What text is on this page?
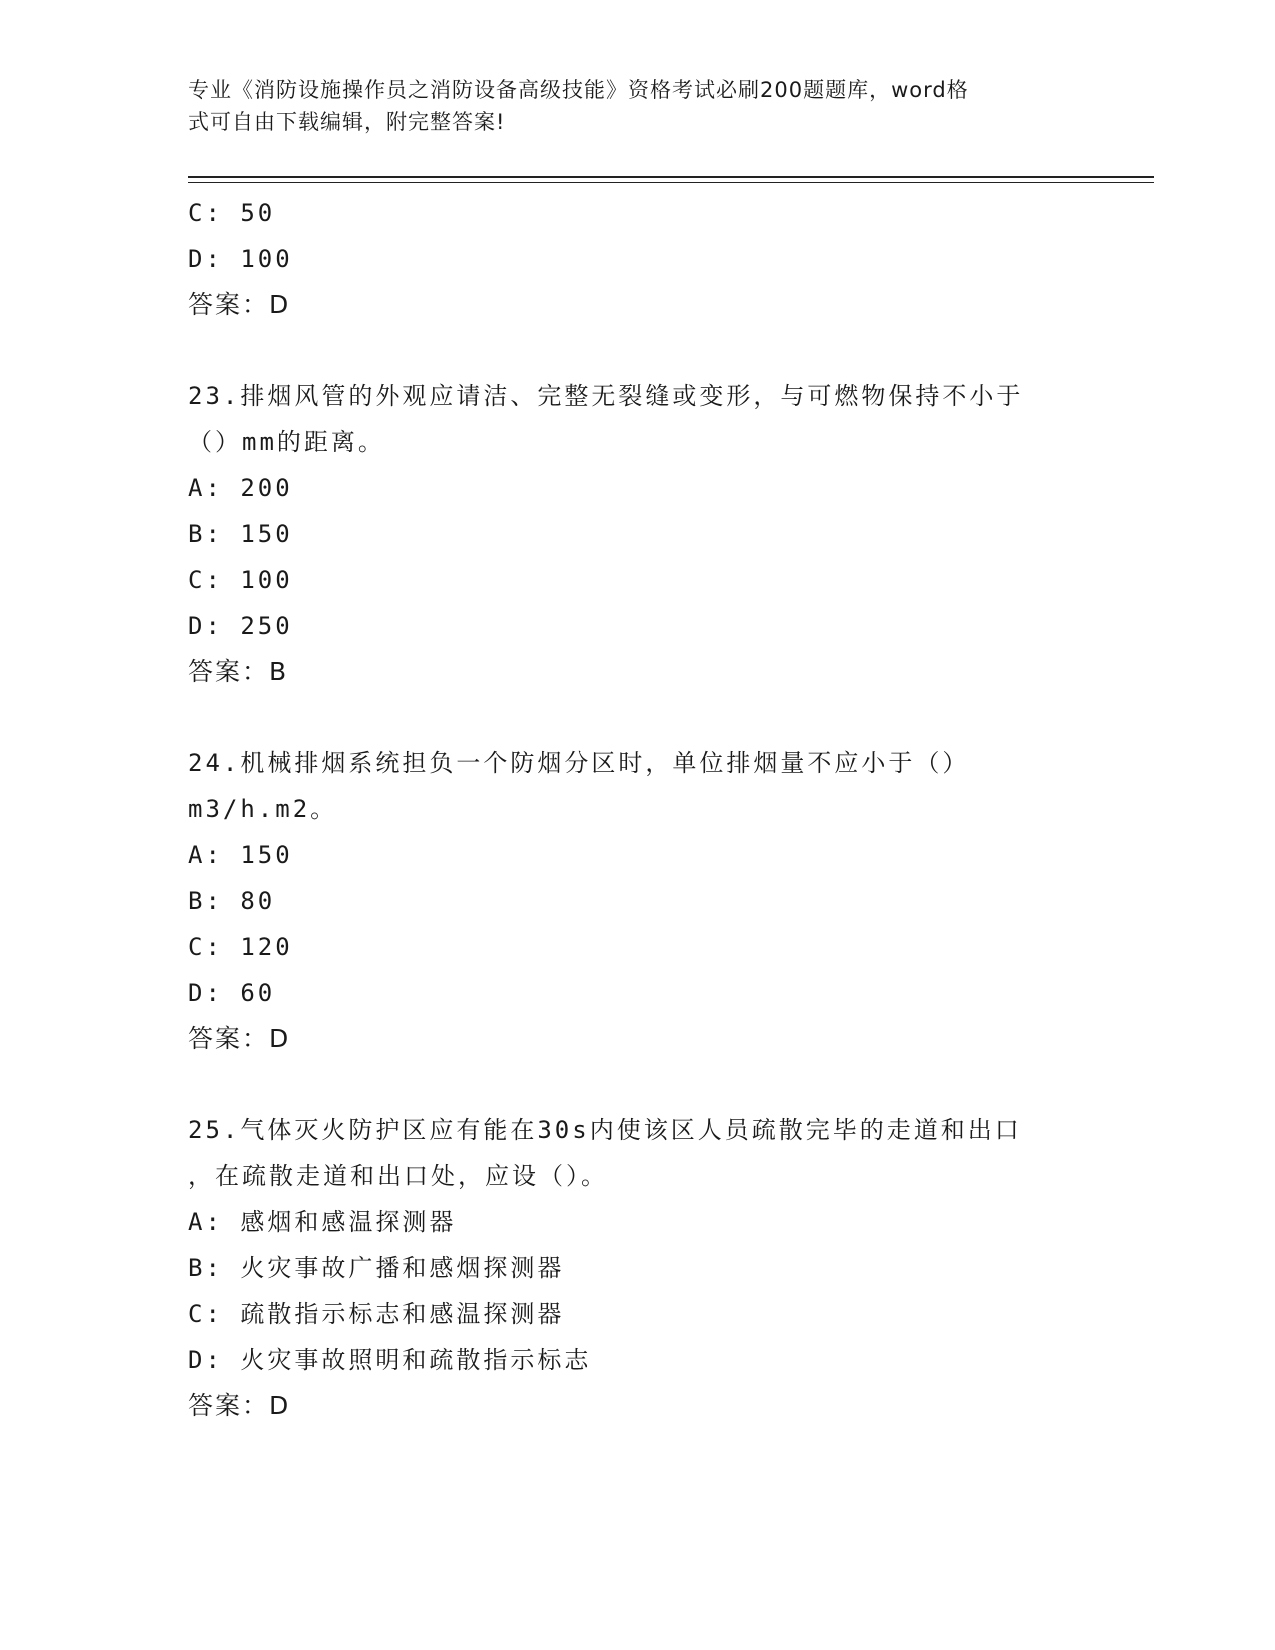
专业《消防设施操作员之消防设备高级技能》资格考试必刷200题题库，word格
式可自由下载编辑，附完整答案!
C: 50
D: 100
答案：D
23.排烟风管的外观应请洁、完整无裂缝或变形，与可燃物保持不小于
（）mm的距离。
A: 200
B: 150
C: 100
D: 250
答案：B
24.机械排烟系统担负一个防烟分区时，单位排烟量不应小于（）
m3/h.m2。
A: 150
B: 80
C: 120
D: 60
答案：D
25.气体灭火防护区应有能在30s内使该区人员疏散完毕的走道和出口
，在疏散走道和出口处，应设（）。
A: 感烟和感温探测器
B: 火灾事故广播和感烟探测器
C: 疏散指示标志和感温探测器
D: 火灾事故照明和疏散指示标志
答案：D
